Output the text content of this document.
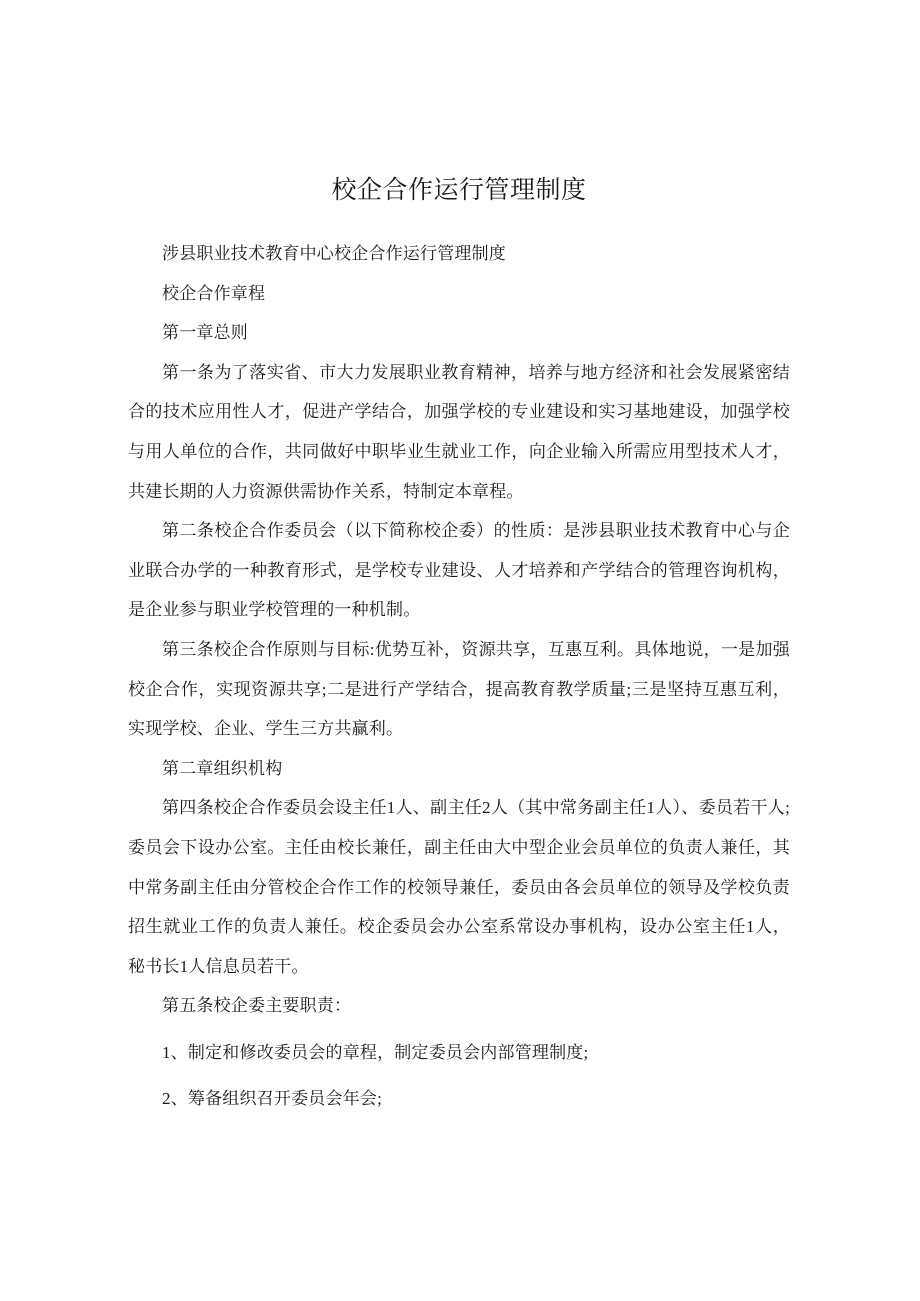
校企合作运行管理制度

涉县职业技术教育中心校企合作运行管理制度

校企合作章程

第一章总则

第一条为了落实省、市大力发展职业教育精神，培养与地方经济和社会发展紧密结合的技术应用性人才，促进产学结合，加强学校的专业建设和实习基地建设，加强学校与用人单位的合作，共同做好中职毕业生就业工作，向企业输入所需应用型技术人才，共建长期的人力资源供需协作关系，特制定本章程。

第二条校企合作委员会（以下简称校企委）的性质：是涉县职业技术教育中心与企业联合办学的一种教育形式，是学校专业建设、人才培养和产学结合的管理咨询机构，是企业参与职业学校管理的一种机制。

第三条校企合作原则与目标:优势互补，资源共享，互惠互利。具体地说，一是加强校企合作，实现资源共享;二是进行产学结合，提高教育教学质量;三是坚持互惠互利，实现学校、企业、学生三方共赢利。

第二章组织机构

第四条校企合作委员会设主任1人、副主任2人（其中常务副主任1人）、委员若干人;委员会下设办公室。主任由校长兼任，副主任由大中型企业会员单位的负责人兼任，其中常务副主任由分管校企合作工作的校领导兼任，委员由各会员单位的领导及学校负责招生就业工作的负责人兼任。校企委员会办公室系常设办事机构，设办公室主任1人，秘书长1人信息员若干。

第五条校企委主要职责：

1、制定和修改委员会的章程，制定委员会内部管理制度;

2、筹备组织召开委员会年会;
